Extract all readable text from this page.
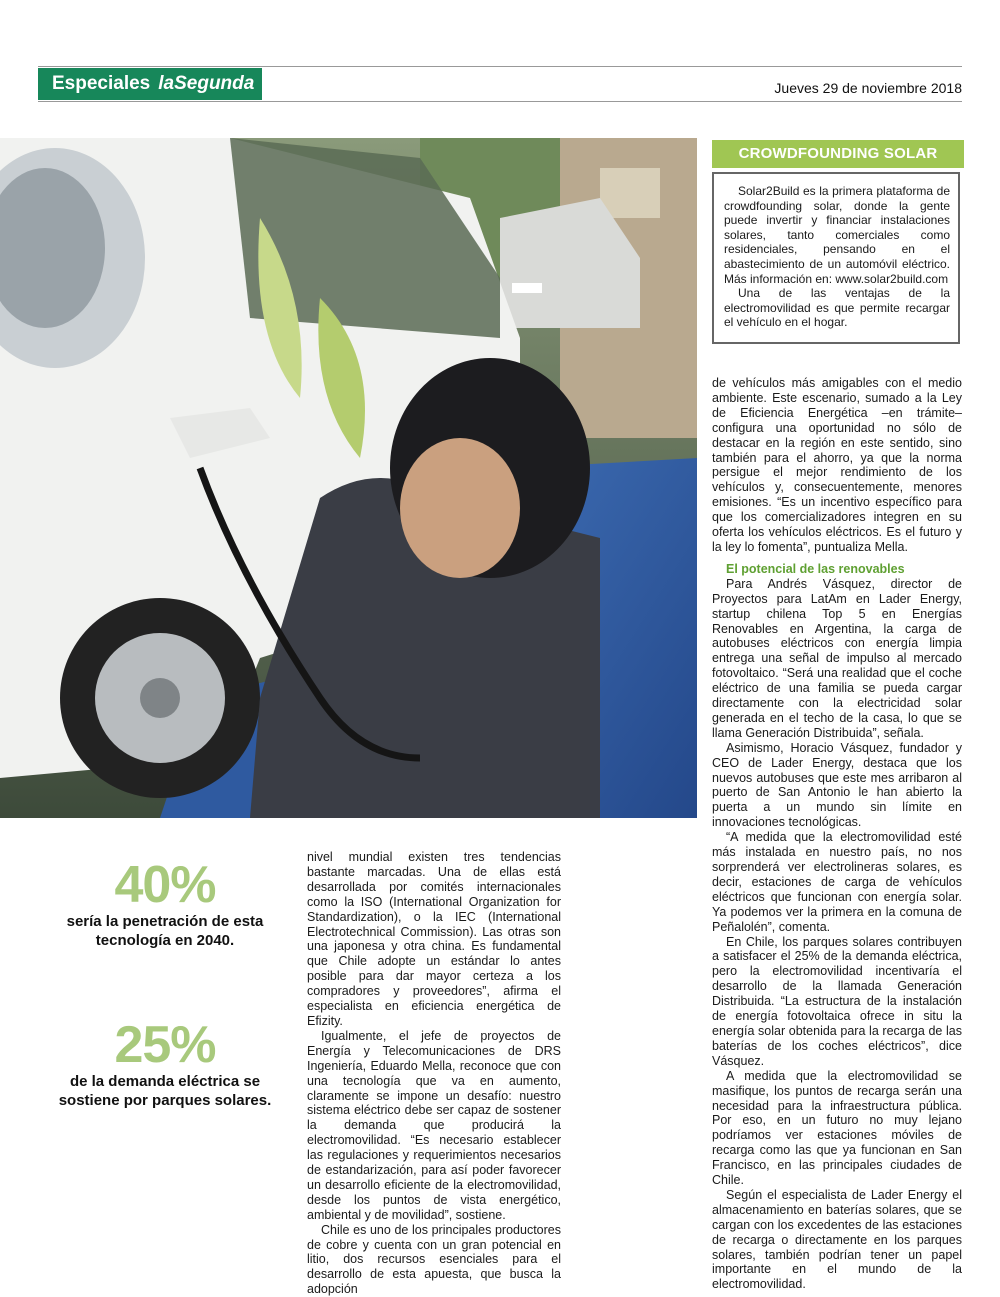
Especiales laSegunda	Jueves 29 de noviembre 2018
CROWDFOUNDING SOLAR

Solar2Build es la primera plataforma de crowdfounding solar, donde la gente puede invertir y financiar instalaciones solares, tanto comerciales como residenciales, pensando en el abastecimiento de un automóvil eléctrico. Más información en: www.solar2build.com

Una de las ventajas de la electromovilidad es que permite recargar el vehículo en el hogar.

de vehículos más amigables con el medio ambiente. Este escenario, sumado a la Ley de Eficiencia Energética –en trámite– configura una oportunidad no sólo de destacar en la región en este sentido, sino también para el ahorro, ya que la norma persigue el mejor rendimiento de los vehículos y, consecuentemente, menores emisiones. “Es un incentivo específico para que los comercializadores integren en su oferta los vehículos eléctricos. Es el futuro y la ley lo fomenta”, puntualiza Mella.

El potencial de las renovables

Para Andrés Vásquez, director de Proyectos para LatAm en Lader Energy, startup chilena Top 5 en Energías Renovables en Argentina, la carga de autobuses eléctricos con energía limpia entrega una señal de impulso al mercado fotovoltaico. “Será una realidad que el coche eléctrico de una familia se pueda cargar directamente con la electricidad solar generada en el techo de la casa, lo que se llama Generación Distribuida”, señala.

Asimismo, Horacio Vásquez, fundador y CEO de Lader Energy, destaca que los nuevos autobuses que este mes arribaron al puerto de San Antonio le han abierto la puerta a un mundo sin límite en innovaciones tecnológicas.

“A medida que la electromovilidad esté más instalada en nuestro país, no nos sorprenderá ver electrolineras solares, es decir, estaciones de carga de vehículos eléctricos que funcionan con energía solar. Ya podemos ver la primera en la comuna de Peñalolén”, comenta.

En Chile, los parques solares contribuyen a satisfacer el 25% de la demanda eléctrica, pero la electromovilidad incentivaría el desarrollo de la llamada Generación Distribuida. “La estructura de la instalación de energía fotovoltaica ofrece in situ la energía solar obtenida para la recarga de las baterías de los coches eléctricos”, dice Vásquez.

A medida que la electromovilidad se masifique, los puntos de recarga serán una necesidad para la infraestructura pública. Por eso, en un futuro no muy lejano podríamos ver estaciones móviles de recarga como las que ya funcionan en San Francisco, en las principales ciudades de Chile.

Según el especialista de Lader Energy el almacenamiento en baterías solares, que se cargan con los excedentes de las estaciones de recarga o directamente en los parques solares, también podrían tener un papel importante en el mundo de la electromovilidad.

40%
sería la penetración de esta tecnología en 2040.
25%
de la demanda eléctrica se sostiene por parques solares.

nivel mundial existen tres tendencias bastante marcadas. Una de ellas está desarrollada por comités internacionales como la ISO (International Organization for Standardization), o la IEC (International Electrotechnical Commission). Las otras son una japonesa y otra china. Es fundamental que Chile adopte un estándar lo antes posible para dar mayor certeza a los compradores y proveedores”, afirma el especialista en eficiencia energética de Efizity.

Igualmente, el jefe de proyectos de Energía y Telecomunicaciones de DRS Ingeniería, Eduardo Mella, reconoce que con una tecnología que va en aumento, claramente se impone un desafío: nuestro sistema eléctrico debe ser capaz de sostener la demanda que producirá la electromovilidad. “Es necesario establecer las regulaciones y requerimientos necesarios de estandarización, para así poder favorecer un desarrollo eficiente de la electromovilidad, desde los puntos de vista energético, ambiental y de movilidad”, sostiene.

Chile es uno de los principales productores de cobre y cuenta con un gran potencial en litio, dos recursos esenciales para el desarrollo de esta apuesta, que busca la adopción
